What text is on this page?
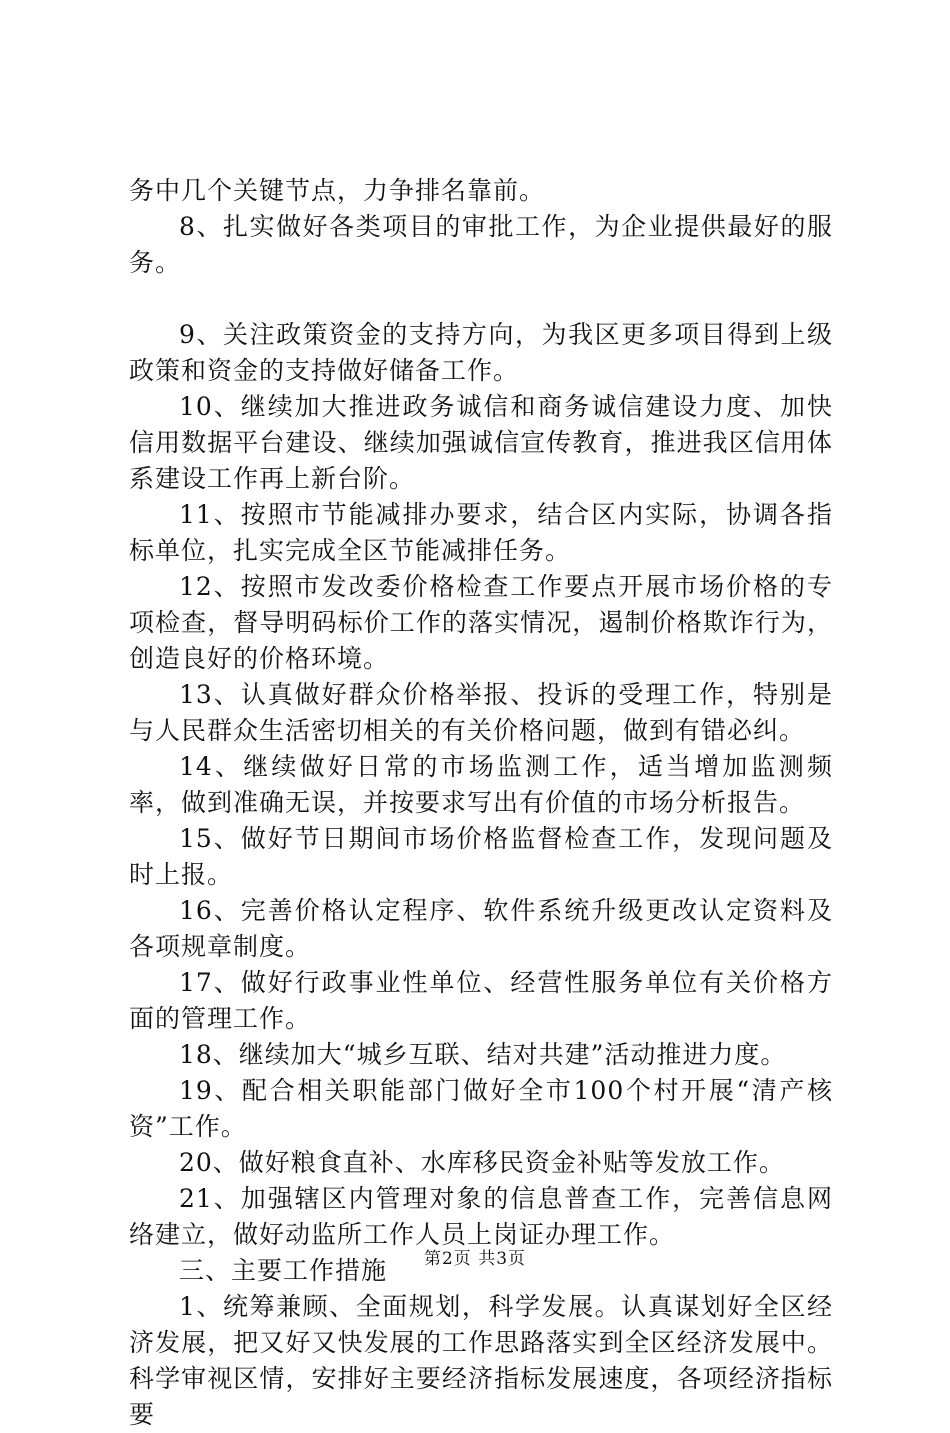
务中几个关键节点，力争排名靠前。

8、扎实做好各类项目的审批工作，为企业提供最好的服务。

9、关注政策资金的支持方向，为我区更多项目得到上级政策和资金的支持做好储备工作。

10、继续加大推进政务诚信和商务诚信建设力度、加快信用数据平台建设、继续加强诚信宣传教育，推进我区信用体系建设工作再上新台阶。

11、按照市节能减排办要求，结合区内实际，协调各指标单位，扎实完成全区节能减排任务。

12、按照市发改委价格检查工作要点开展市场价格的专项检查，督导明码标价工作的落实情况，遏制价格欺诈行为，创造良好的价格环境。

13、认真做好群众价格举报、投诉的受理工作，特别是与人民群众生活密切相关的有关价格问题，做到有错必纠。

14、继续做好日常的市场监测工作，适当增加监测频率，做到准确无误，并按要求写出有价值的市场分析报告。

15、做好节日期间市场价格监督检查工作，发现问题及时上报。

16、完善价格认定程序、软件系统升级更改认定资料及各项规章制度。

17、做好行政事业性单位、经营性服务单位有关价格方面的管理工作。

18、继续加大“城乡互联、结对共建”活动推进力度。

19、配合相关职能部门做好全市100个村开展“清产核资”工作。

20、做好粮食直补、水库移民资金补贴等发放工作。

21、加强辖区内管理对象的信息普查工作，完善信息网络建立，做好动监所工作人员上岗证办理工作。

三、主要工作措施

1、统筹兼顾、全面规划，科学发展。认真谋划好全区经济发展，把又好又快发展的工作思路落实到全区经济发展中。科学审视区情，安排好主要经济指标发展速度，各项经济指标要

第2页 共3页
